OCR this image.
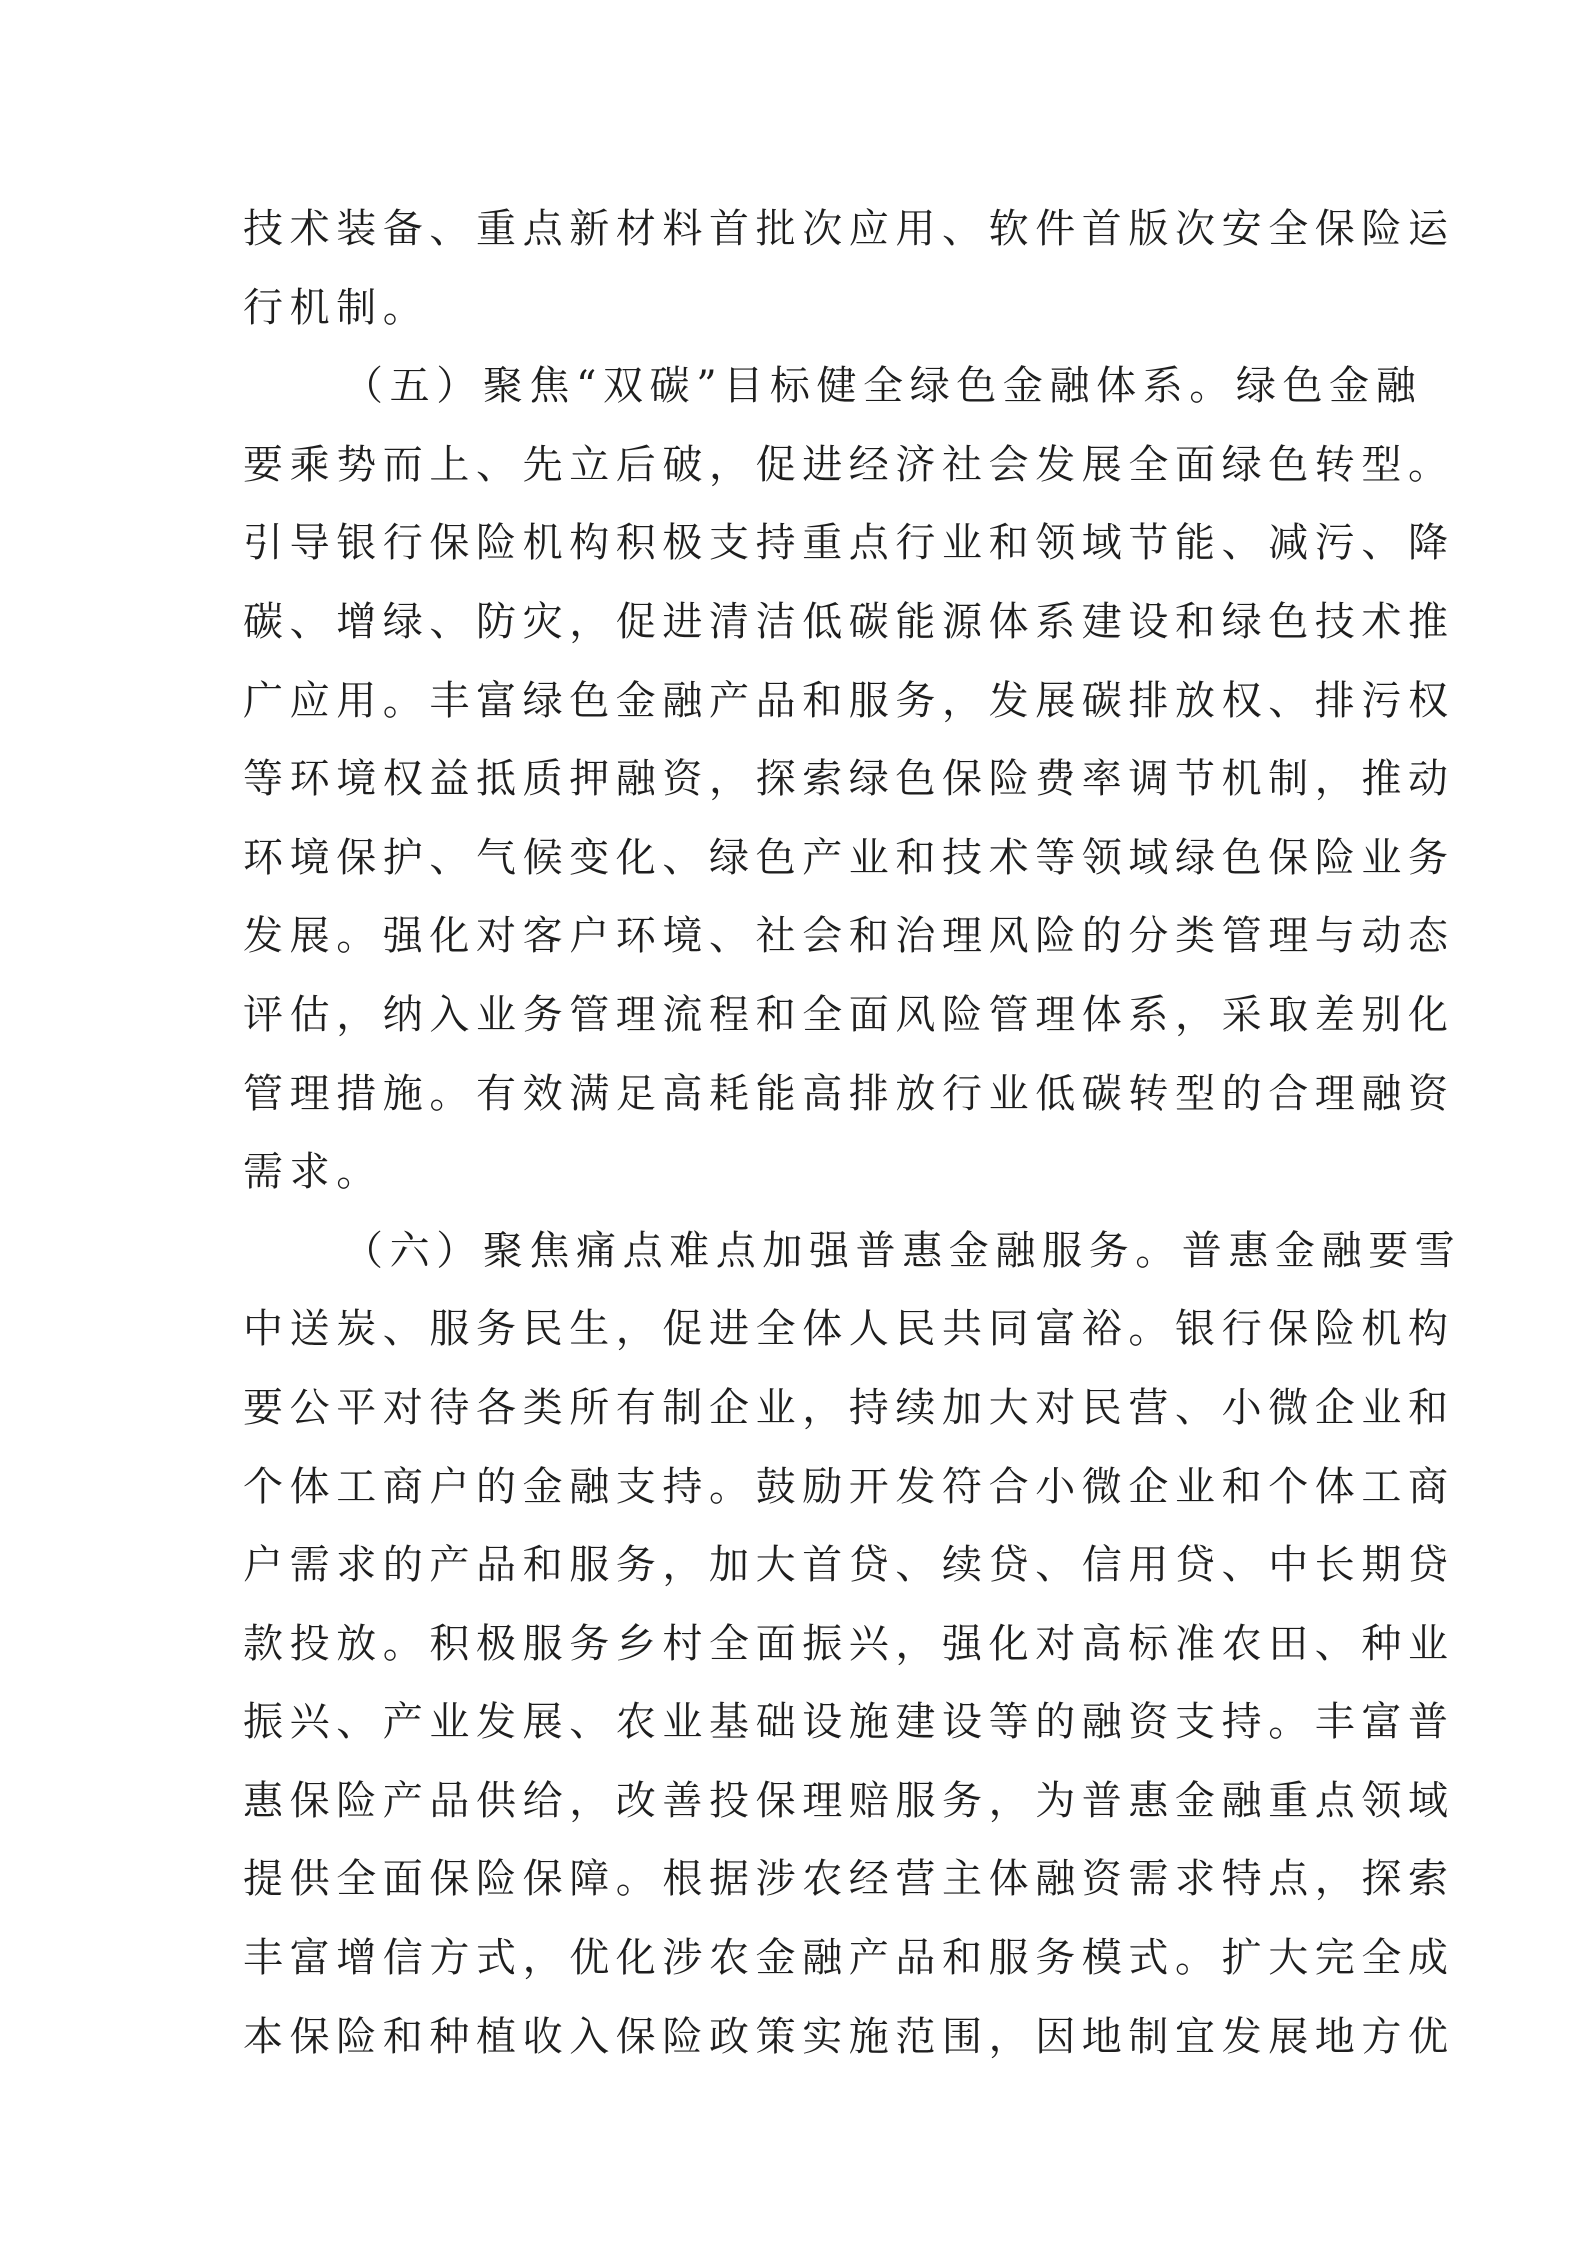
技术装备、重点新材料首批次应用、软件首版次安全保险运
行机制。
（五）聚焦“双碳”目标健全绿色金融体系。绿色金融
要乘势而上、先立后破，促进经济社会发展全面绿色转型。
引导银行保险机构积极支持重点行业和领域节能、减污、降
碳、增绿、防灾，促进清洁低碳能源体系建设和绿色技术推
广应用。丰富绿色金融产品和服务，发展碳排放权、排污权
等环境权益抵质押融资，探索绿色保险费率调节机制，推动
环境保护、气候变化、绿色产业和技术等领域绿色保险业务
发展。强化对客户环境、社会和治理风险的分类管理与动态
评估，纳入业务管理流程和全面风险管理体系，采取差别化
管理措施。有效满足高耗能高排放行业低碳转型的合理融资
需求。
（六）聚焦痛点难点加强普惠金融服务。普惠金融要雪
中送炭、服务民生，促进全体人民共同富裕。银行保险机构
要公平对待各类所有制企业，持续加大对民营、小微企业和
个体工商户的金融支持。鼓励开发符合小微企业和个体工商
户需求的产品和服务，加大首贷、续贷、信用贷、中长期贷
款投放。积极服务乡村全面振兴，强化对高标准农田、种业
振兴、产业发展、农业基础设施建设等的融资支持。丰富普
惠保险产品供给，改善投保理赔服务，为普惠金融重点领域
提供全面保险保障。根据涉农经营主体融资需求特点，探索
丰富增信方式，优化涉农金融产品和服务模式。扩大完全成
本保险和种植收入保险政策实施范围，因地制宜发展地方优
